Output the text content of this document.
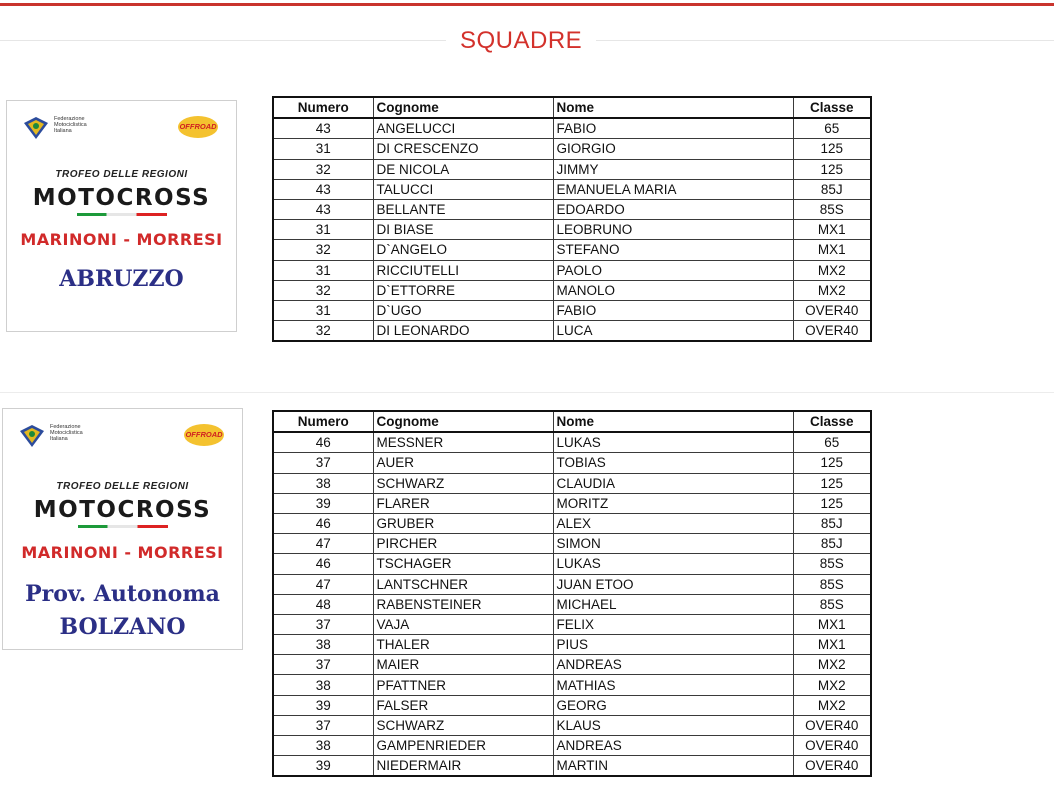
SQUADRE
Federazione
Motociclistica
Italiana	OFFROAD
TROFEO DELLE REGIONI
MOTOCROSS
MARINONI - MORRESI
ABRUZZO
Federazione
Motociclistica
Italiana	OFFROAD
TROFEO DELLE REGIONI
MOTOCROSS
MARINONI - MORRESI
Prov. Autonoma
BOLZANO
Numero	Cognome	Nome	Classe
43	ANGELUCCI	FABIO	65
31	DI CRESCENZO	GIORGIO	125
32	DE NICOLA	JIMMY	125
43	TALUCCI	EMANUELA MARIA	85J
43	BELLANTE	EDOARDO	85S
31	DI BIASE	LEOBRUNO	MX1
32	D`ANGELO	STEFANO	MX1
31	RICCIUTELLI	PAOLO	MX2
32	D`ETTORRE	MANOLO	MX2
31	D`UGO	FABIO	OVER40
32	DI LEONARDO	LUCA	OVER40
Numero	Cognome	Nome	Classe
46	MESSNER	LUKAS	65
37	AUER	TOBIAS	125
38	SCHWARZ	CLAUDIA	125
39	FLARER	MORITZ	125
46	GRUBER	ALEX	85J
47	PIRCHER	SIMON	85J
46	TSCHAGER	LUKAS	85S
47	LANTSCHNER	JUAN ETOO	85S
48	RABENSTEINER	MICHAEL	85S
37	VAJA	FELIX	MX1
38	THALER	PIUS	MX1
37	MAIER	ANDREAS	MX2
38	PFATTNER	MATHIAS	MX2
39	FALSER	GEORG	MX2
37	SCHWARZ	KLAUS	OVER40
38	GAMPENRIEDER	ANDREAS	OVER40
39	NIEDERMAIR	MARTIN	OVER40
